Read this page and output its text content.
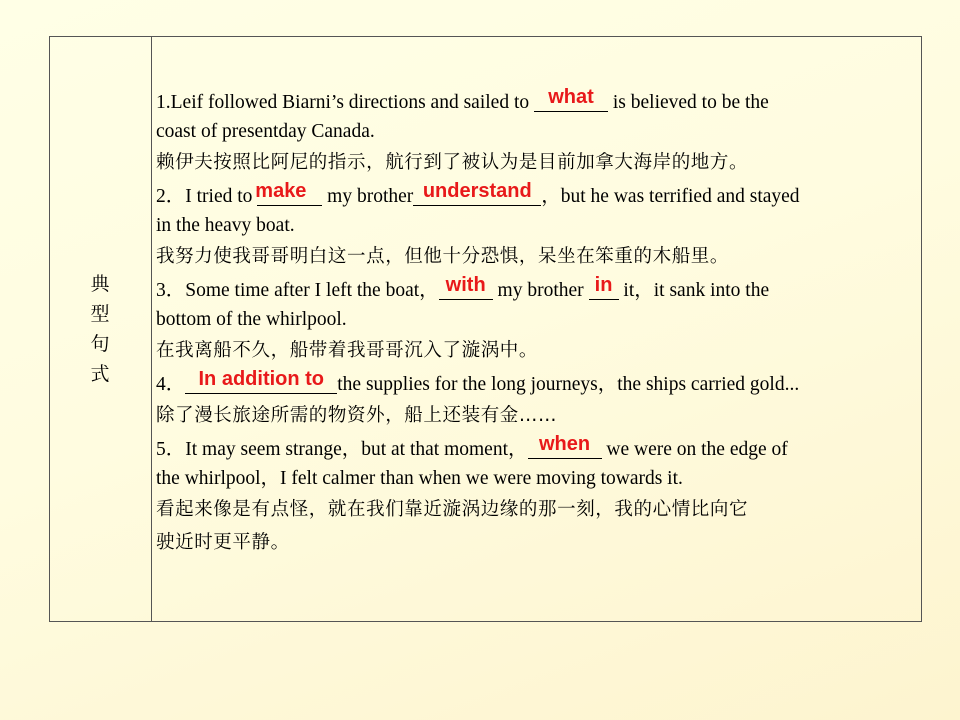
典
型
句
式
1.Leif followed Biarni’s directions and sailed to what is believed to be the
coast of presentday Canada.
赖伊夫按照比阿尼的指示，航行到了被认为是目前加拿大海岸的地方。
2．I tried to
make my brother understand ，but he was terrified and stayed
in the heavy boat.
我努力使我哥哥明白这一点，但他十分恐惧，呆坐在笨重的木船里。
3．Some time after I left the boat， with my brother in it，it sank into the
bottom of the whirlpool.
在我离船不久，船带着我哥哥沉入了漩涡中。
4． In addition to the supplies for the long journeys，the ships carried gold...
除了漫长旅途所需的物资外，船上还装有金……
5．It may seem strange，but at that moment， when we were on the edge of
the whirlpool，I felt calmer than when we were moving towards it.
看起来像是有点怪，就在我们靠近漩涡边缘的那一刻，我的心情比向它
驶近时更平静。
